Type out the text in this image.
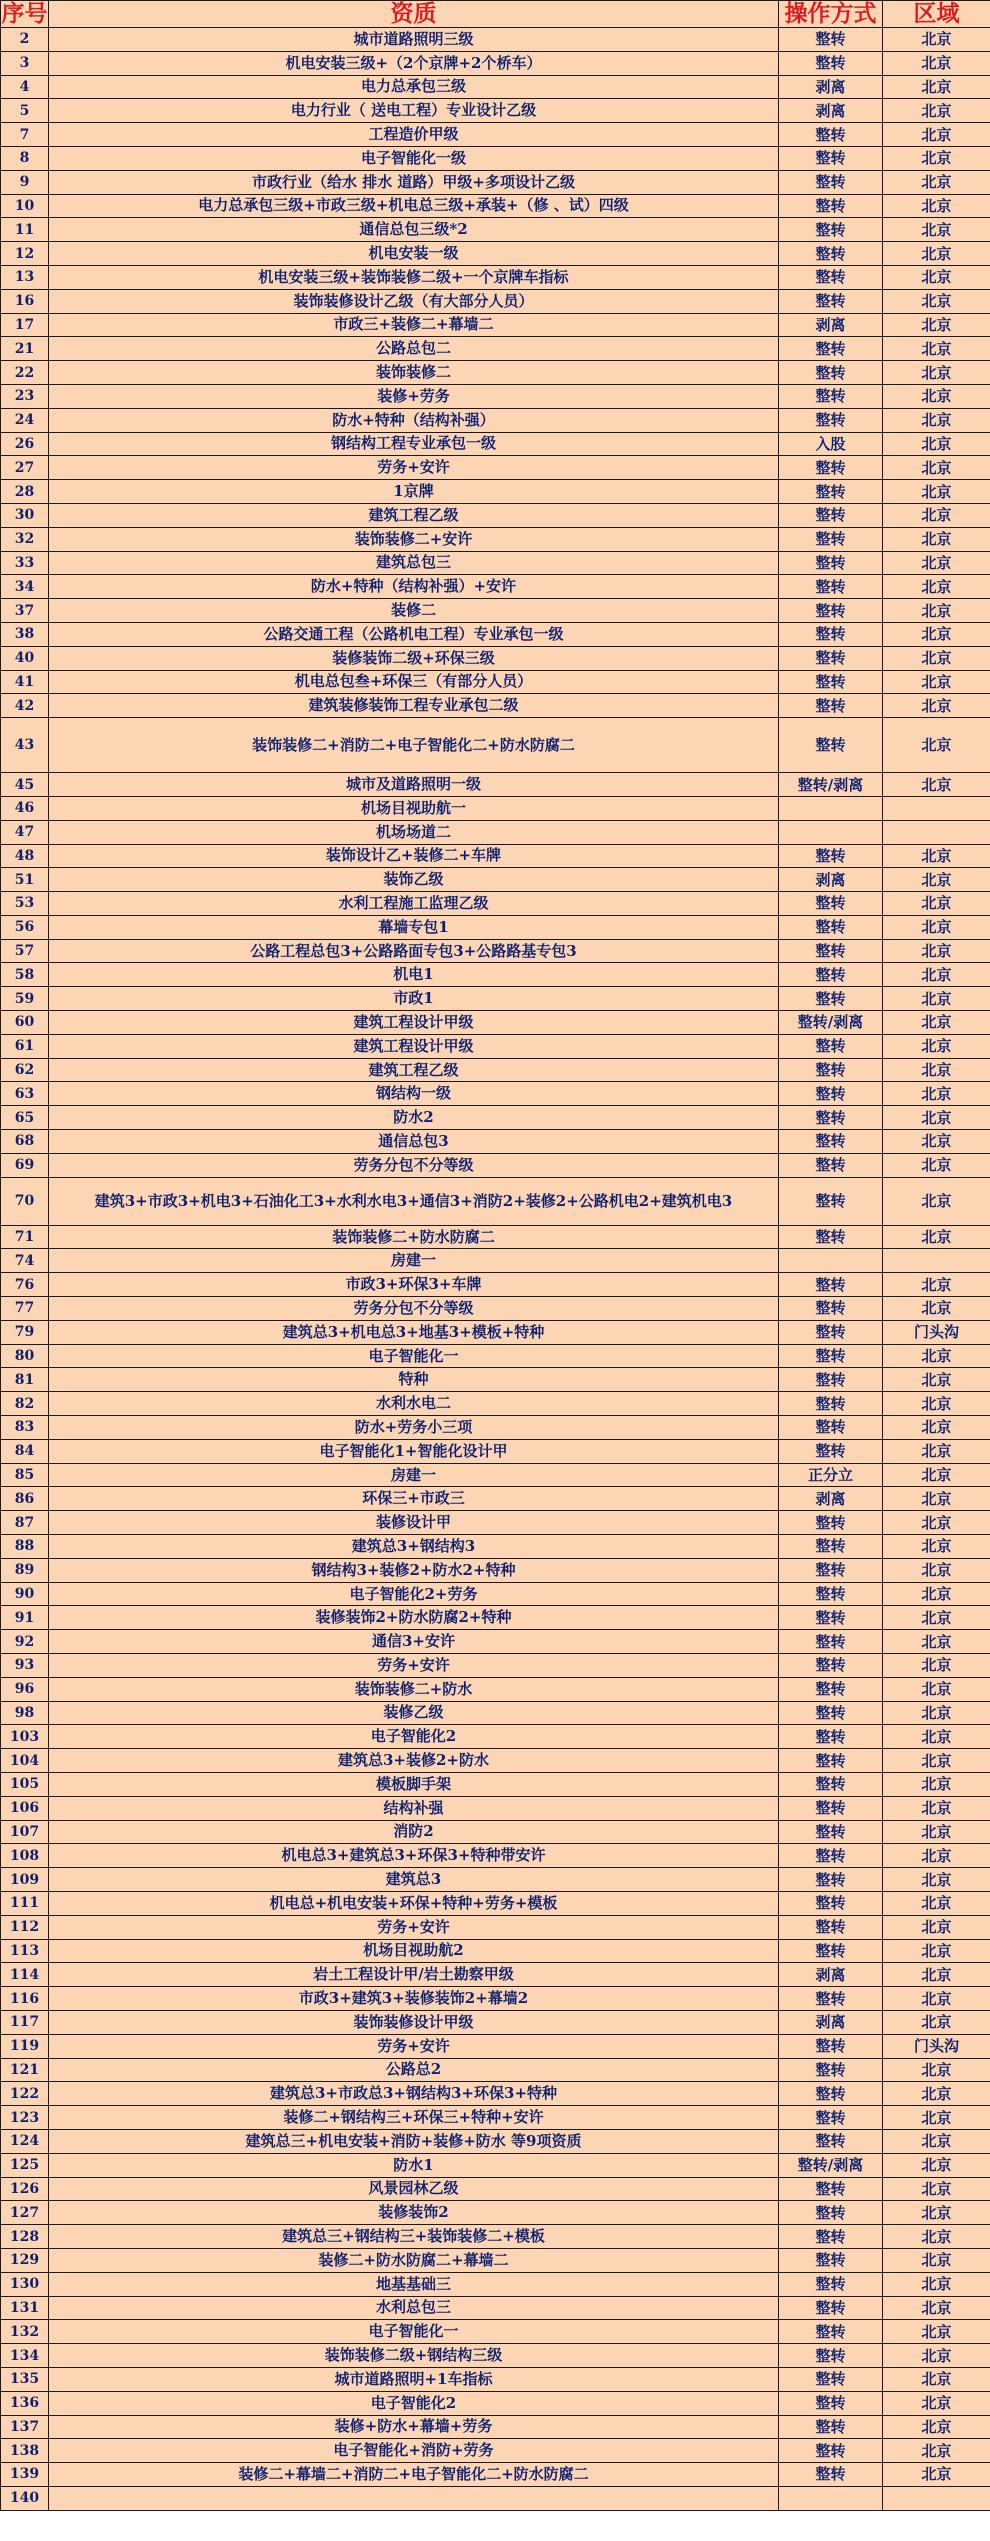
序号	资质	操作方式	区域
2	城市道路照明三级	整转	北京
3	机电安装三级+（2个京牌+2个桥车）	整转	北京
4	电力总承包三级	剥离	北京
5	电力行业（ 送电工程）专业设计乙级	剥离	北京
7	工程造价甲级	整转	北京
8	电子智能化一级	整转	北京
9	市政行业（给水 排水 道路）甲级+多项设计乙级	整转	北京
10	电力总承包三级+市政三级+机电总三级+承装+（修 、试）四级	整转	北京
11	通信总包三级*2	整转	北京
12	机电安装一级	整转	北京
13	机电安装三级+装饰装修二级+一个京牌车指标	整转	北京
16	装饰装修设计乙级（有大部分人员）	整转	北京
17	市政三+装修二+幕墙二	剥离	北京
21	公路总包二	整转	北京
22	装饰装修二	整转	北京
23	装修+劳务	整转	北京
24	防水+特种（结构补强）	整转	北京
26	钢结构工程专业承包一级	入股	北京
27	劳务+安许	整转	北京
28	1京牌	整转	北京
30	建筑工程乙级	整转	北京
32	装饰装修二+安许	整转	北京
33	建筑总包三	整转	北京
34	防水+特种（结构补强）+安许	整转	北京
37	装修二	整转	北京
38	公路交通工程（公路机电工程）专业承包一级	整转	北京
40	装修装饰二级+环保三级	整转	北京
41	机电总包叁+环保三（有部分人员）	整转	北京
42	建筑装修装饰工程专业承包二级	整转	北京
43	装饰装修二+消防二+电子智能化二+防水防腐二	整转	北京
45	城市及道路照明一级	整转/剥离	北京
46	机场目视助航一		
47	机场场道二		
48	装饰设计乙+装修二+车牌	整转	北京
51	装饰乙级	剥离	北京
53	水利工程施工监理乙级	整转	北京
56	幕墙专包1	整转	北京
57	公路工程总包3+公路路面专包3+公路路基专包3	整转	北京
58	机电1	整转	北京
59	市政1	整转	北京
60	建筑工程设计甲级	整转/剥离	北京
61	建筑工程设计甲级	整转	北京
62	建筑工程乙级	整转	北京
63	钢结构一级	整转	北京
65	防水2	整转	北京
68	通信总包3	整转	北京
69	劳务分包不分等级	整转	北京
70	建筑3+市政3+机电3+石油化工3+水利水电3+通信3+消防2+装修2+公路机电2+建筑机电3	整转	北京
71	装饰装修二+防水防腐二	整转	北京
74	房建一		
76	市政3+环保3+车牌	整转	北京
77	劳务分包不分等级	整转	北京
79	建筑总3+机电总3+地基3+模板+特种	整转	门头沟
80	电子智能化一	整转	北京
81	特种	整转	北京
82	水利水电二	整转	北京
83	防水+劳务小三项	整转	北京
84	电子智能化1+智能化设计甲	整转	北京
85	房建一	正分立	北京
86	环保三+市政三	剥离	北京
87	装修设计甲	整转	北京
88	建筑总3+钢结构3	整转	北京
89	钢结构3+装修2+防水2+特种	整转	北京
90	电子智能化2+劳务	整转	北京
91	装修装饰2+防水防腐2+特种	整转	北京
92	通信3+安许	整转	北京
93	劳务+安许	整转	北京
96	装饰装修二+防水	整转	北京
98	装修乙级	整转	北京
103	电子智能化2	整转	北京
104	建筑总3+装修2+防水	整转	北京
105	模板脚手架	整转	北京
106	结构补强	整转	北京
107	消防2	整转	北京
108	机电总3+建筑总3+环保3+特种带安许	整转	北京
109	建筑总3	整转	北京
111	机电总+机电安装+环保+特种+劳务+模板	整转	北京
112	劳务+安许	整转	北京
113	机场目视助航2	整转	北京
114	岩土工程设计甲/岩土勘察甲级	剥离	北京
116	市政3+建筑3+装修装饰2+幕墙2	整转	北京
117	装饰装修设计甲级	剥离	北京
119	劳务+安许	整转	门头沟
121	公路总2	整转	北京
122	建筑总3+市政总3+钢结构3+环保3+特种	整转	北京
123	装修二+钢结构三+环保三+特种+安许	整转	北京
124	建筑总三+机电安装+消防+装修+防水 等9项资质	整转	北京
125	防水1	整转/剥离	北京
126	风景园林乙级	整转	北京
127	装修装饰2	整转	北京
128	建筑总三+钢结构三+装饰装修二+模板	整转	北京
129	装修二+防水防腐二+幕墙二	整转	北京
130	地基基础三	整转	北京
131	水利总包三	整转	北京
132	电子智能化一	整转	北京
134	装饰装修二级+钢结构三级	整转	北京
135	城市道路照明+1车指标	整转	北京
136	电子智能化2	整转	北京
137	装修+防水+幕墙+劳务	整转	北京
138	电子智能化+消防+劳务	整转	北京
139	装修二+幕墙二+消防二+电子智能化二+防水防腐二	整转	北京
140			
